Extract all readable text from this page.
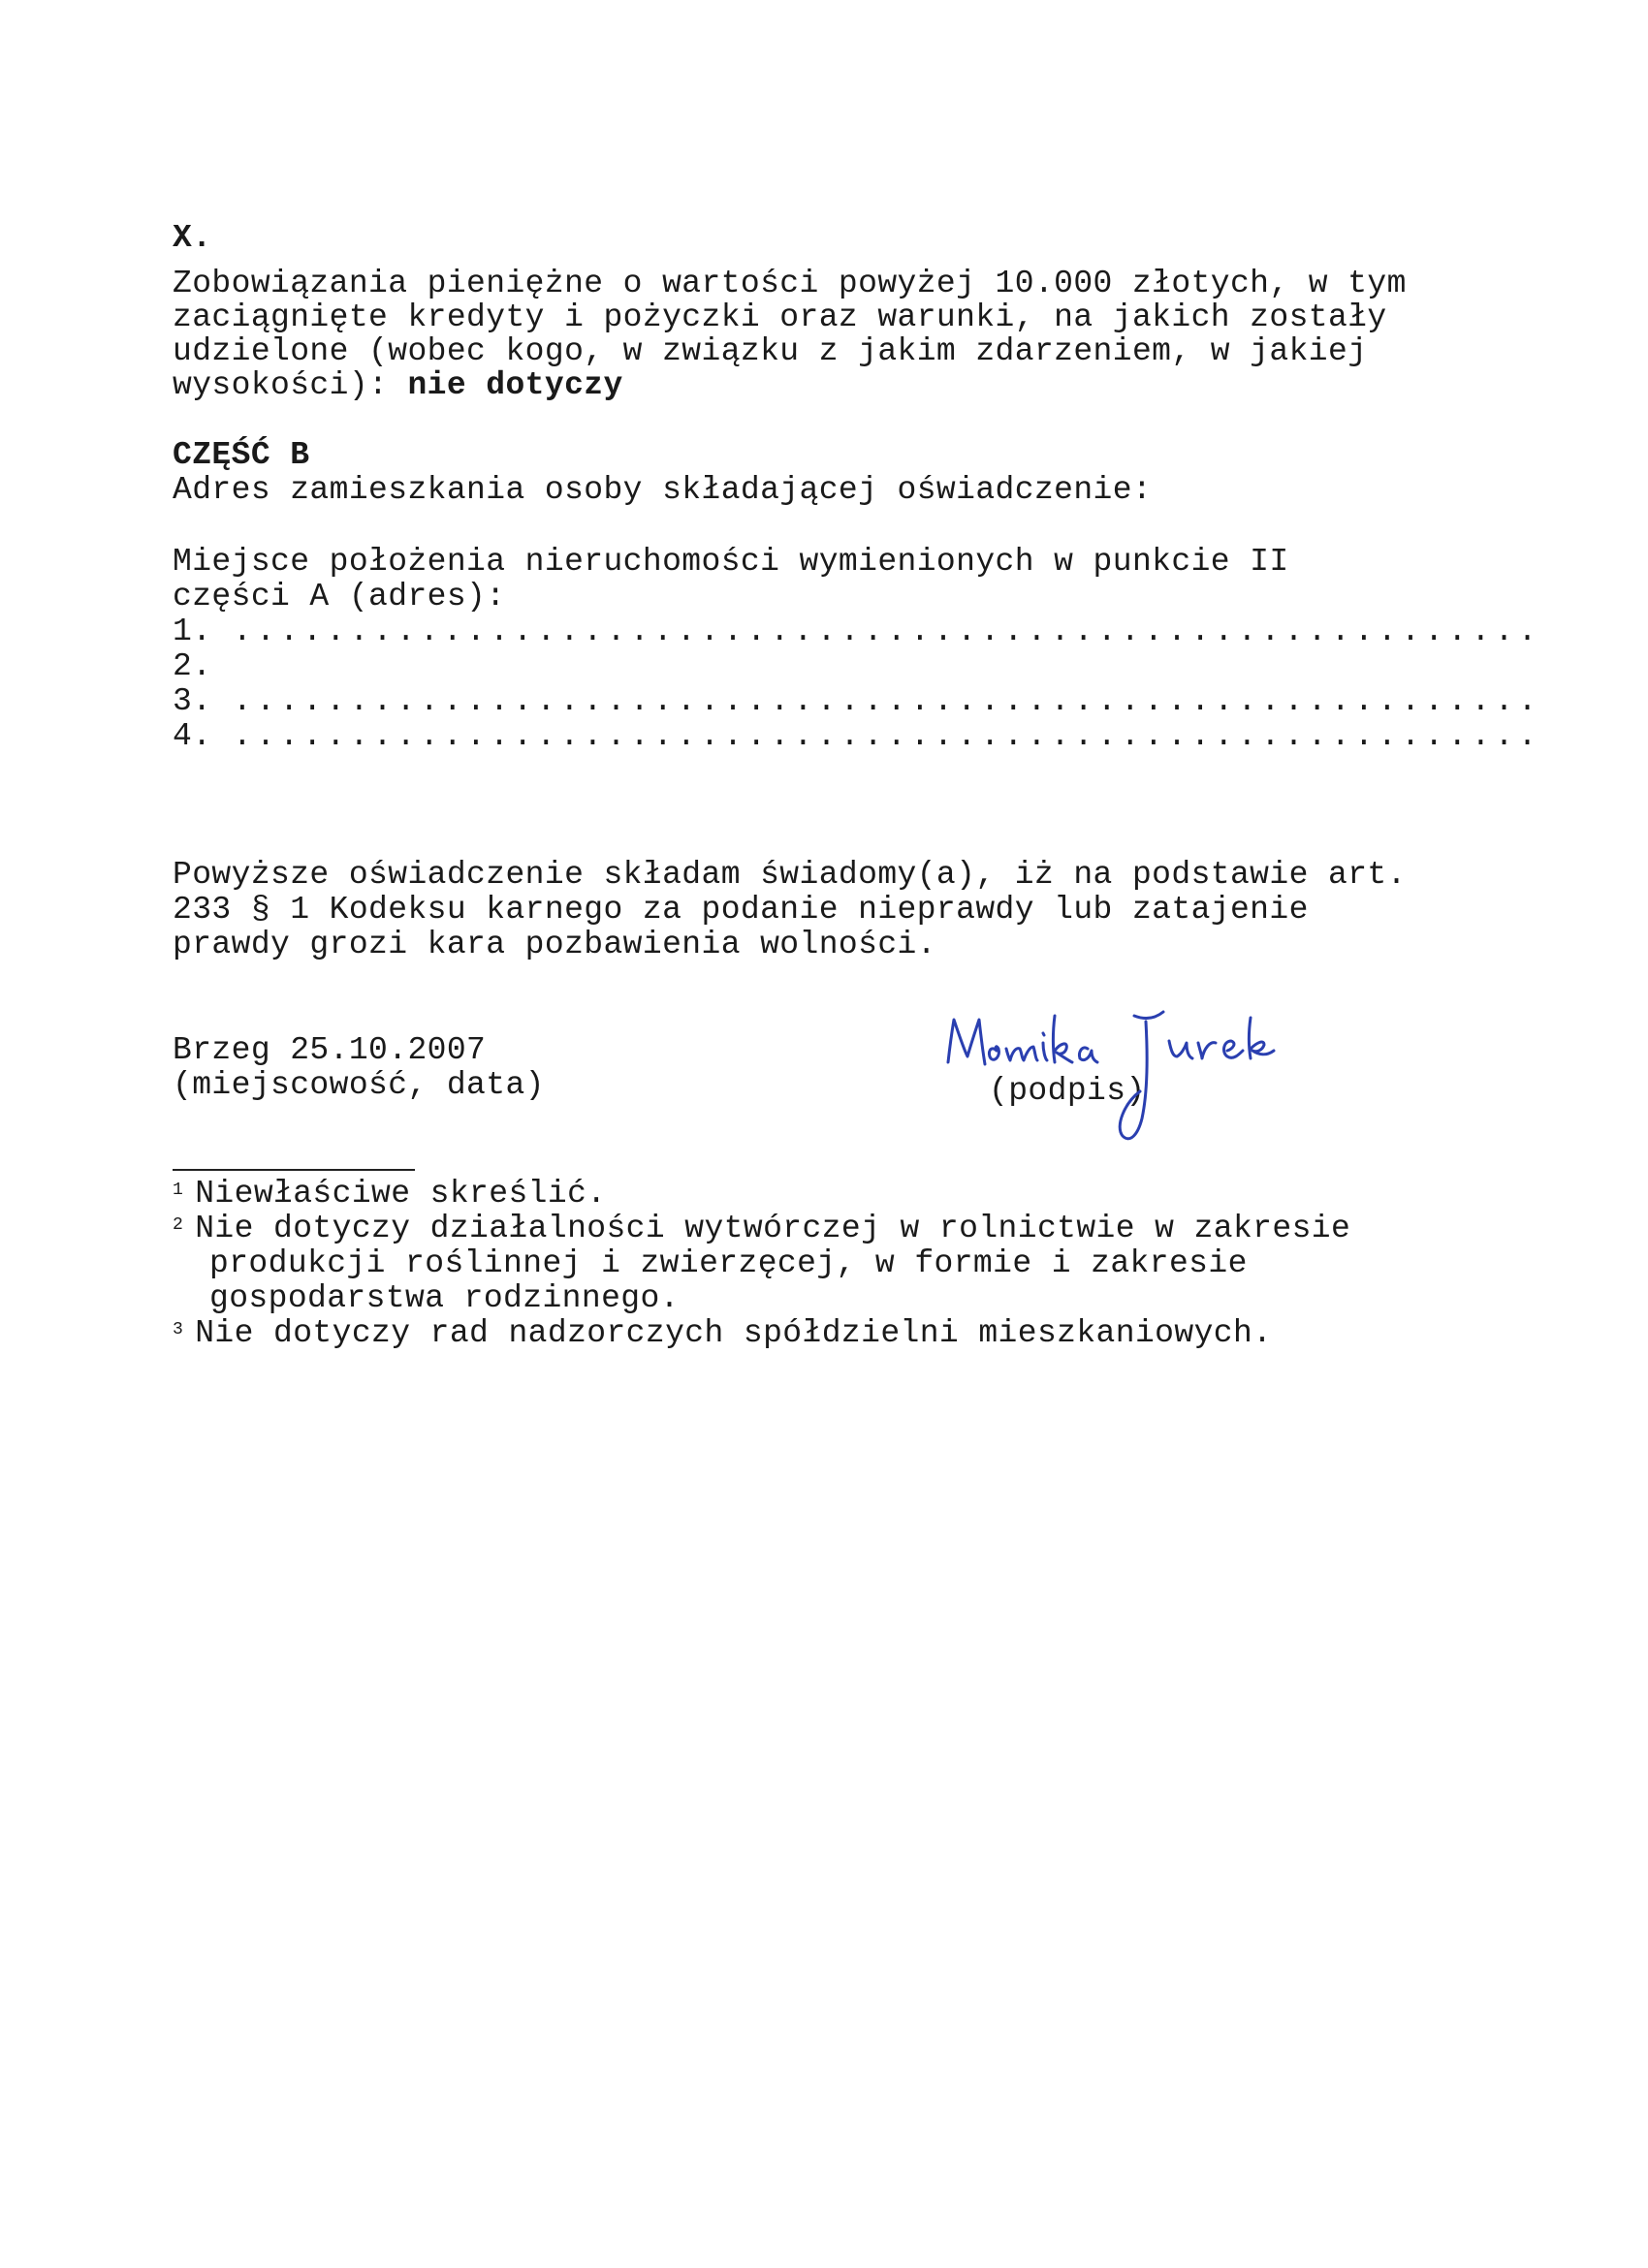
X.
Zobowiązania pieniężne o wartości powyżej 10.000 złotych, w tym
zaciągnięte kredyty i pożyczki oraz warunki, na jakich zostały
udzielone (wobec kogo, w związku z jakim zdarzeniem, w jakiej
wysokości): nie dotyczy
CZĘŚĆ B
Adres zamieszkania osoby składającej oświadczenie:
Miejsce położenia nieruchomości wymienionych w punkcie II
części A (adres):
1. ........................................................
2.
3. ........................................................
4. ........................................................
Powyższe oświadczenie składam świadomy(a), iż na podstawie art.
233 § 1 Kodeksu karnego za podanie nieprawdy lub zatajenie
prawdy grozi kara pozbawienia wolności.
Brzeg 25.10.2007
(miejscowość, data)	(podpis)
$^1$ Niewłaściwe skreślić.
$^2$ Nie dotyczy działalności wytwórczej w rolnictwie w zakresie
produkcji roślinnej i zwierzęcej, w formie i zakresie
gospodarstwa rodzinnego.
$^3$ Nie dotyczy rad nadzorczych spółdzielni mieszkaniowych.
